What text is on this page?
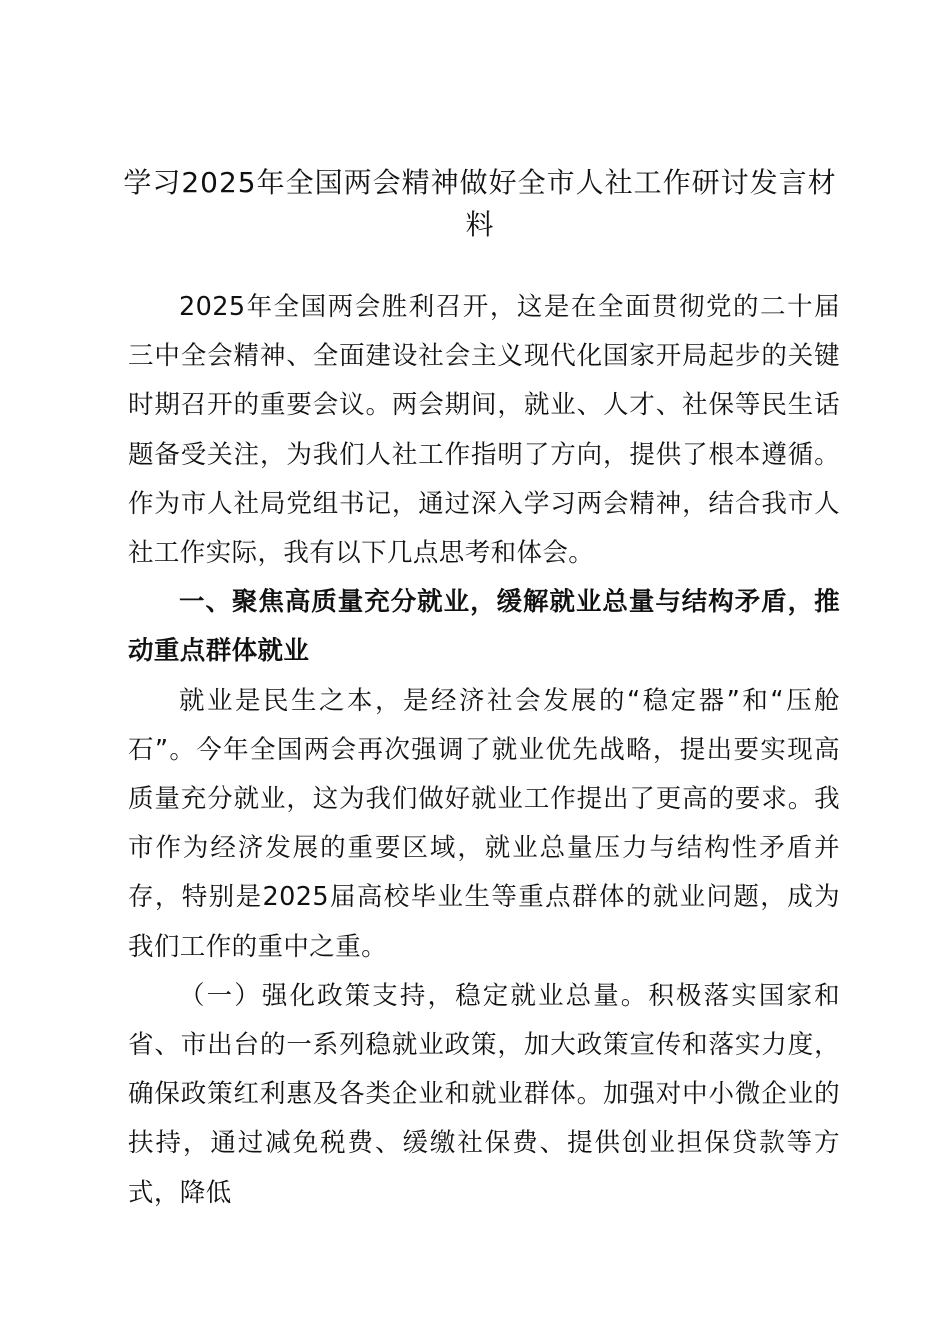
学习2025年全国两会精神做好全市人社工作研讨发言材料

2025年全国两会胜利召开，这是在全面贯彻党的二十届三中全会精神、全面建设社会主义现代化国家开局起步的关键时期召开的重要会议。两会期间，就业、人才、社保等民生话题备受关注，为我们人社工作指明了方向，提供了根本遵循。作为市人社局党组书记，通过深入学习两会精神，结合我市人社工作实际，我有以下几点思考和体会。

一、聚焦高质量充分就业，缓解就业总量与结构矛盾，推动重点群体就业

就业是民生之本，是经济社会发展的“稳定器”和“压舱石”。今年全国两会再次强调了就业优先战略，提出要实现高质量充分就业，这为我们做好就业工作提出了更高的要求。我市作为经济发展的重要区域，就业总量压力与结构性矛盾并存，特别是2025届高校毕业生等重点群体的就业问题，成为我们工作的重中之重。

（一）强化政策支持，稳定就业总量。积极落实国家和省、市出台的一系列稳就业政策，加大政策宣传和落实力度，确保政策红利惠及各类企业和就业群体。加强对中小微企业的扶持，通过减免税费、缓缴社保费、提供创业担保贷款等方式，降低
